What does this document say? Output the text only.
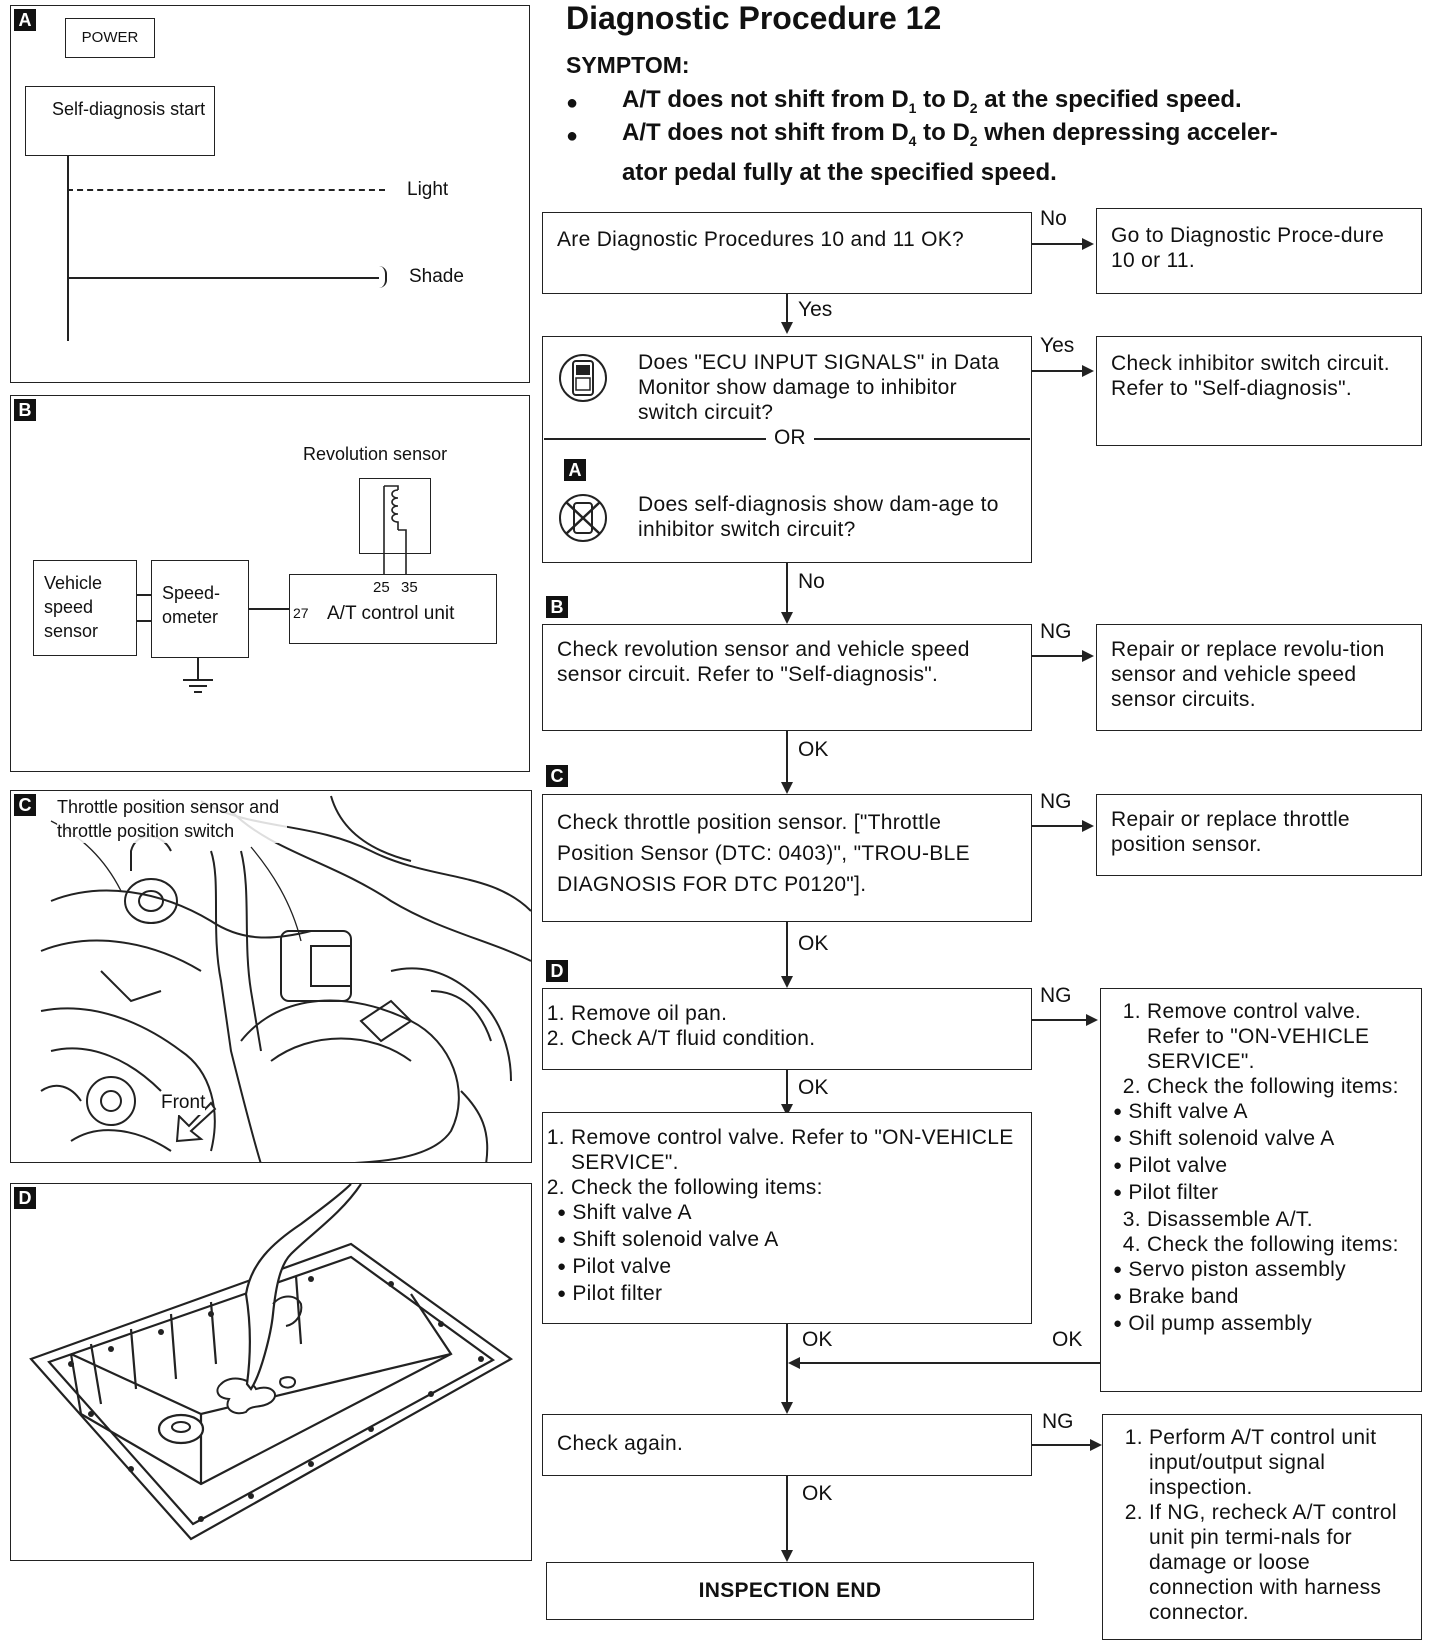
A
POWER
Self-diagnosis start
Light
Shade
B
Revolution sensor
25 35
27 A/T control unit
Vehicle speed sensor
Speed-ometer
C Throttle position sensor and throttle position switch
Front
D
Diagnostic Procedure 12
SYMPTOM:
● A/T does not shift from $D_1$ to $D_2$ at the specified speed.
● A/T does not shift from $D_4$ to $D_2$ when depressing acceler-
ator pedal fully at the specified speed.
Are Diagnostic Procedures 10 and 11 OK?
No
Go to Diagnostic Proce-dure 10 or 11.
Yes
Does "ECU INPUT SIGNALS" in Data Monitor show damage to inhibitor switch circuit?
OR
A
Does self-diagnosis show dam-age to inhibitor switch circuit?
Yes
Check inhibitor switch circuit. Refer to "Self-diagnosis".
No
B
Check revolution sensor and vehicle speed sensor circuit. Refer to "Self-diagnosis".
NG
Repair or replace revolu-tion sensor and vehicle speed sensor circuits.
OK
C
Check throttle position sensor. ["Throttle Position Sensor (DTC: 0403)", "TROU-BLE DIAGNOSIS FOR DTC P0120"].
NG
Repair or replace throttle position sensor.
OK
D
1. Remove oil pan.
2. Check A/T fluid condition.
NG
OK
1. Remove control valve. Refer to "ON-VEHICLE SERVICE".
2. Check the following items:
● Shift valve A
● Shift solenoid valve A
● Pilot valve
● Pilot filter
1. Remove control valve. Refer to "ON-VEHICLE SERVICE".
2. Check the following items:
● Shift valve A
● Shift solenoid valve A
● Pilot valve
● Pilot filter
3. Disassemble A/T.
4. Check the following items:
● Servo piston assembly
● Brake band
● Oil pump assembly
OK	OK
Check again.
NG
1. Perform A/T control unit input/output signal inspection.
2. If NG, recheck A/T control unit pin termi-nals for damage or loose connection with harness connector.
OK
INSPECTION END
